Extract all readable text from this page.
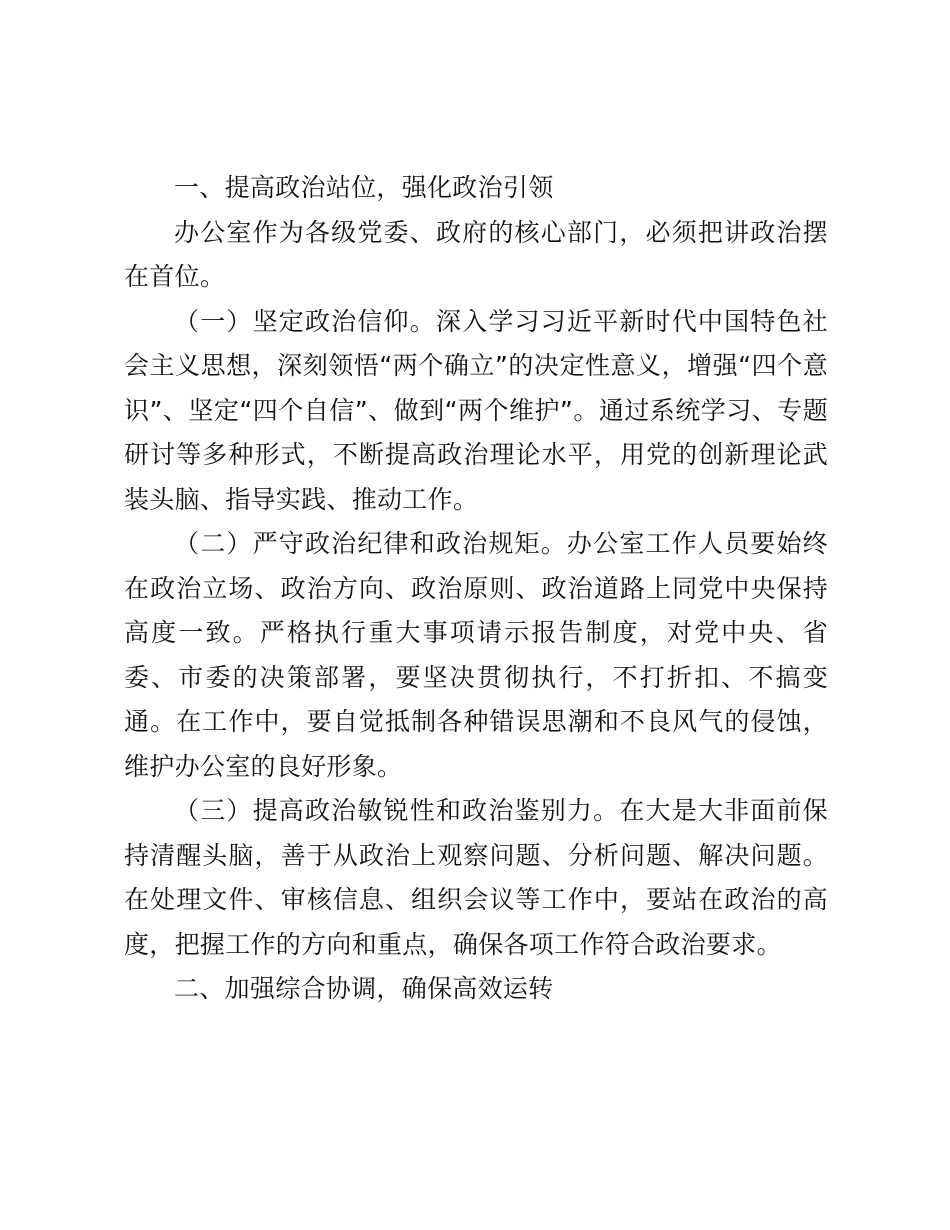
一、提高政治站位，强化政治引领

办公室作为各级党委、政府的核心部门，必须把讲政治摆在首位。

（一）坚定政治信仰。深入学习习近平新时代中国特色社会主义思想，深刻领悟“两个确立”的决定性意义，增强“四个意识”、坚定“四个自信”、做到“两个维护”。通过系统学习、专题研讨等多种形式，不断提高政治理论水平，用党的创新理论武装头脑、指导实践、推动工作。

（二）严守政治纪律和政治规矩。办公室工作人员要始终在政治立场、政治方向、政治原则、政治道路上同党中央保持高度一致。严格执行重大事项请示报告制度，对党中央、省委、市委的决策部署，要坚决贯彻执行，不打折扣、不搞变通。在工作中，要自觉抵制各种错误思潮和不良风气的侵蚀，维护办公室的良好形象。

（三）提高政治敏锐性和政治鉴别力。在大是大非面前保持清醒头脑，善于从政治上观察问题、分析问题、解决问题。在处理文件、审核信息、组织会议等工作中，要站在政治的高度，把握工作的方向和重点，确保各项工作符合政治要求。

二、加强综合协调，确保高效运转
